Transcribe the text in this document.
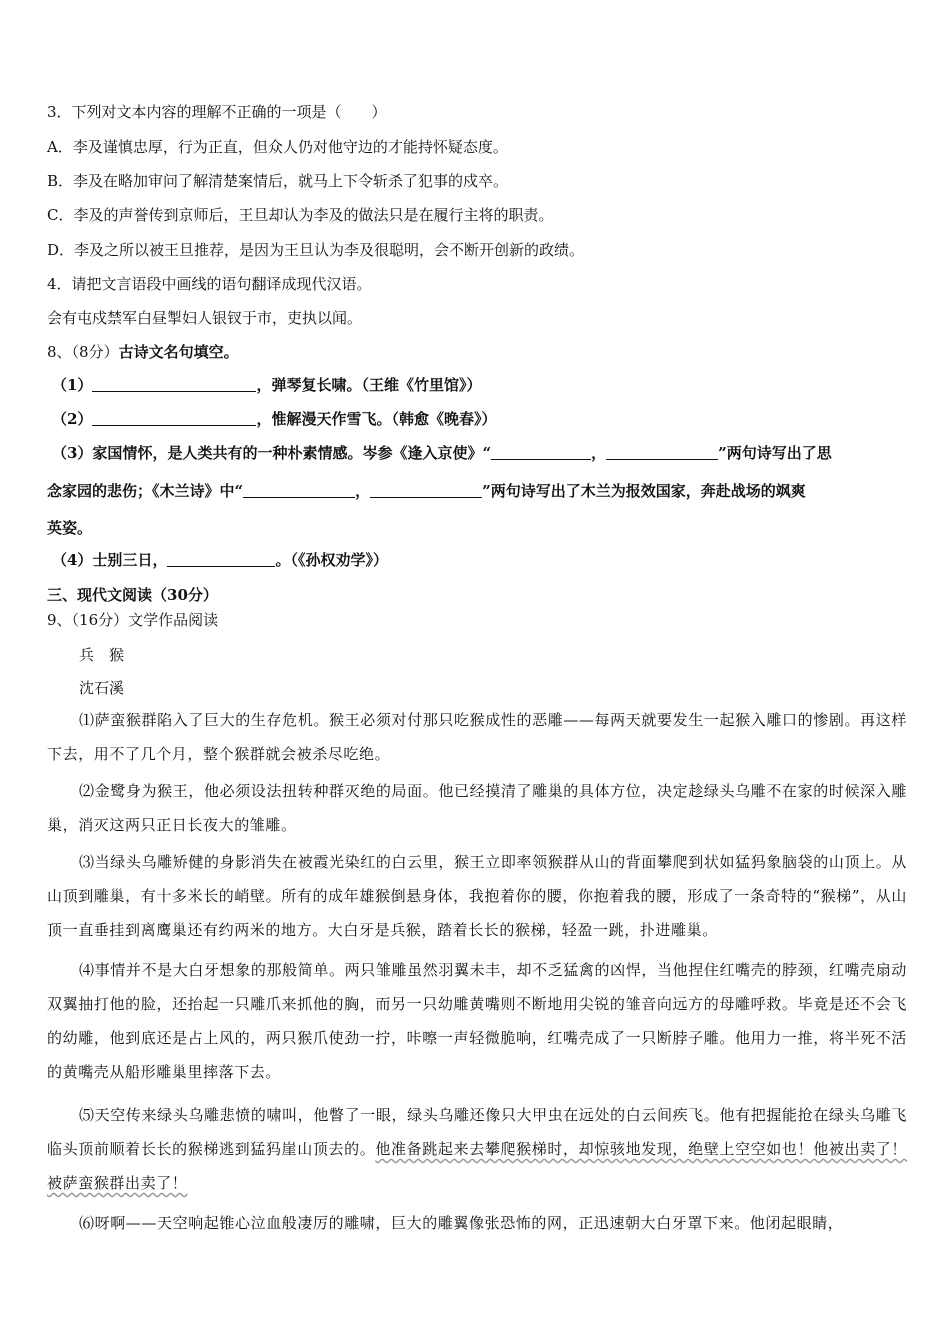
3．下列对文本内容的理解不正确的一项是（　　）
A．李及谨慎忠厚，行为正直，但众人仍对他守边的才能持怀疑态度。
B．李及在略加审问了解清楚案情后，就马上下令斩杀了犯事的戍卒。
C．李及的声誉传到京师后，王旦却认为李及的做法只是在履行主将的职责。
D．李及之所以被王旦推荐，是因为王旦认为李及很聪明，会不断开创新的政绩。
4．请把文言语段中画线的语句翻译成现代汉语。
会有屯戍禁军白昼掣妇人银钗于市，吏执以闻。
8、（8分）古诗文名句填空。
（1）	，弹琴复长啸。（王维《竹里馆》）
（2）	，惟解漫天作雪飞。（韩愈《晚春》）
（3）家国情怀，是人类共有的一种朴素情感。岑参《逢入京使》“	，	”两句诗写出了思
念家园的悲伤；《木兰诗》中“	，	”两句诗写出了木兰为报效国家，奔赴战场的飒爽
英姿。
（4）士别三日，	。（《孙权劝学》）
三、现代文阅读（30分）
9、（16分）文学作品阅读
兵　猴
沈石溪
⑴萨蛮猴群陷入了巨大的生存危机。猴王必须对付那只吃猴成性的恶雕——每两天就要发生一起猴入雕口的惨剧。再这样下去，用不了几个月，整个猴群就会被杀尽吃绝。
⑵金鹭身为猴王，他必须设法扭转种群灭绝的局面。他已经摸清了雕巢的具体方位，决定趁绿头乌雕不在家的时候深入雕巢，消灭这两只正日长夜大的雏雕。
⑶当绿头乌雕矫健的身影消失在被霞光染红的白云里，猴王立即率领猴群从山的背面攀爬到状如猛犸象脑袋的山顶上。从山顶到雕巢，有十多米长的峭壁。所有的成年雄猴倒悬身体，我抱着你的腰，你抱着我的腰，形成了一条奇特的“猴梯”，从山顶一直垂挂到离鹰巢还有约两米的地方。大白牙是兵猴，踏着长长的猴梯，轻盈一跳，扑进雕巢。
⑷事情并不是大白牙想象的那般简单。两只雏雕虽然羽翼未丰，却不乏猛禽的凶悍，当他捏住红嘴壳的脖颈，红嘴壳扇动双翼抽打他的脸，还抬起一只雕爪来抓他的胸，而另一只幼雕黄嘴则不断地用尖锐的雏音向远方的母雕呼救。毕竟是还不会飞的幼雕，他到底还是占上风的，两只猴爪使劲一拧，咔嚓一声轻微脆响，红嘴壳成了一只断脖子雕。他用力一推，将半死不活的黄嘴壳从船形雕巢里摔落下去。
⑸天空传来绿头乌雕悲愤的啸叫，他瞥了一眼，绿头乌雕还像只大甲虫在远处的白云间疾飞。他有把握能抢在绿头乌雕飞临头顶前顺着长长的猴梯逃到猛犸崖山顶去的。他准备跳起来去攀爬猴梯时，却惊骇地发现，绝壁上空空如也！他被出卖了！被萨蛮猴群出卖了！
⑹呀啊——天空响起锥心泣血般凄厉的雕啸，巨大的雕翼像张恐怖的网，正迅速朝大白牙罩下来。他闭起眼睛，
